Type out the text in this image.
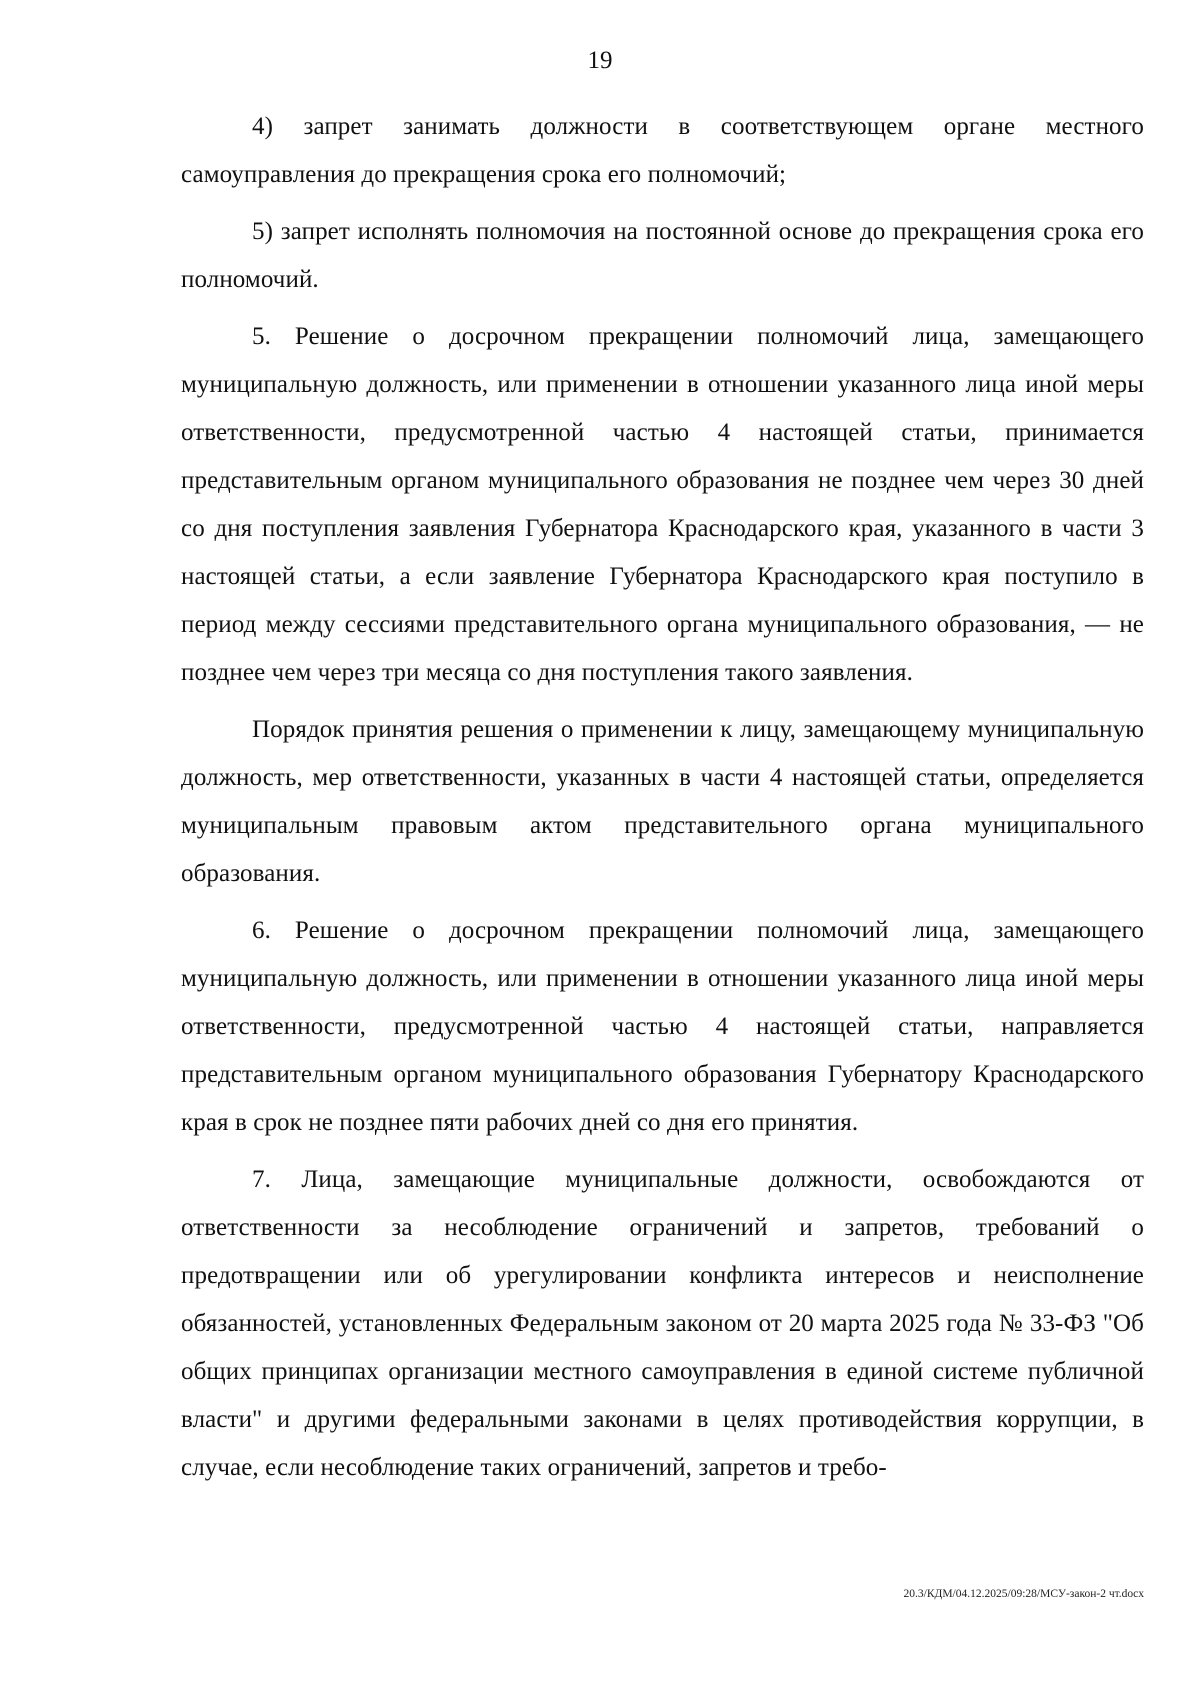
19

4) запрет занимать должности в соответствующем органе местного самоуправления до прекращения срока его полномочий;

5) запрет исполнять полномочия на постоянной основе до прекращения срока его полномочий.

5. Решение о досрочном прекращении полномочий лица, замещающего муниципальную должность, или применении в отношении указанного лица иной меры ответственности, предусмотренной частью 4 настоящей статьи, принимается представительным органом муниципального образования не позднее чем через 30 дней со дня поступления заявления Губернатора Краснодарского края, указанного в части 3 настоящей статьи, а если заявление Губернатора Краснодарского края поступило в период между сессиями представительного органа муниципального образования, — не позднее чем через три месяца со дня поступления такого заявления.

Порядок принятия решения о применении к лицу, замещающему муниципальную должность, мер ответственности, указанных в части 4 настоящей статьи, определяется муниципальным правовым актом представительного органа муниципального образования.

6. Решение о досрочном прекращении полномочий лица, замещающего муниципальную должность, или применении в отношении указанного лица иной меры ответственности, предусмотренной частью 4 настоящей статьи, направляется представительным органом муниципального образования Губернатору Краснодарского края в срок не позднее пяти рабочих дней со дня его принятия.

7. Лица, замещающие муниципальные должности, освобождаются от ответственности за несоблюдение ограничений и запретов, требований о предотвращении или об урегулировании конфликта интересов и неисполнение обязанностей, установленных Федеральным законом от 20 марта 2025 года № 33-ФЗ "Об общих принципах организации местного самоуправления в единой системе публичной власти" и другими федеральными законами в целях противодействия коррупции, в случае, если несоблюдение таких ограничений, запретов и требо-

20.3/КДМ/04.12.2025/09:28/МСУ-закон-2 чт.docx
